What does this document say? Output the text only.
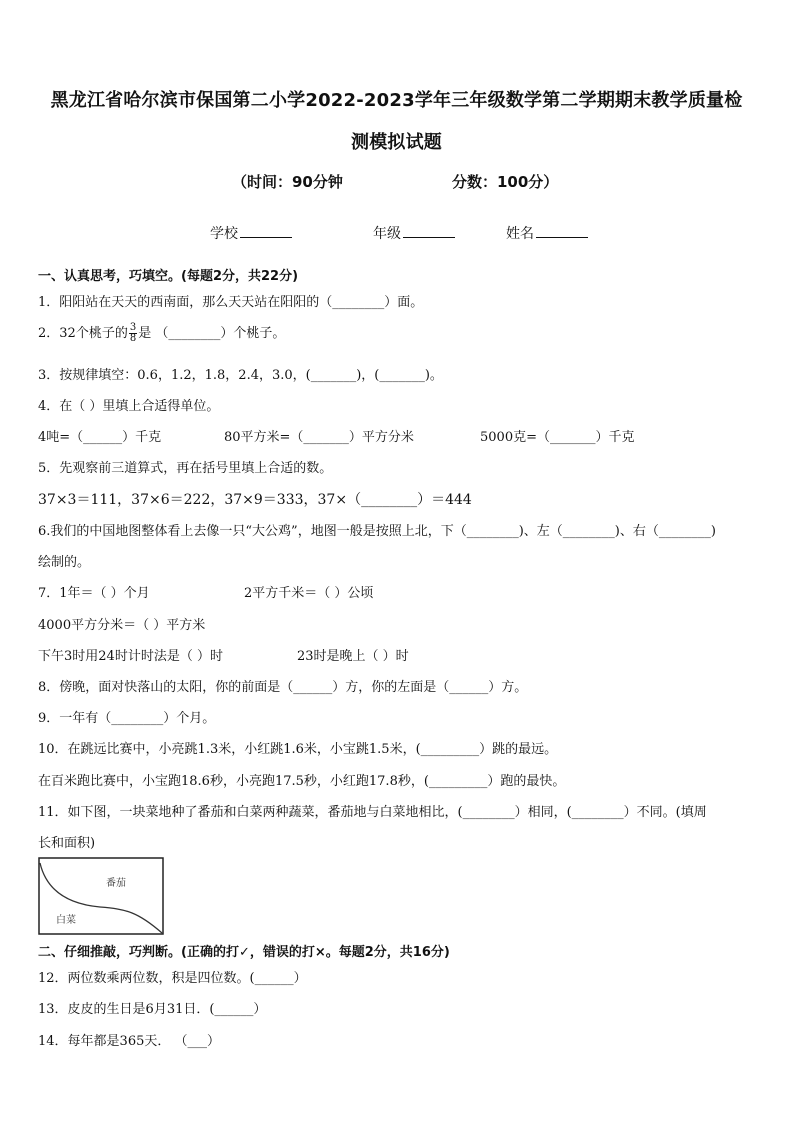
黑龙江省哈尔滨市保国第二小学2022-2023学年三年级数学第二学期期末教学质量检
测模拟试题
（时间：90分钟	分数：100分）
学校	年级	姓名
一、认真思考，巧填空。(每题2分，共22分)
1．阳阳站在天天的西南面，那么天天站在阳阳的（________）面。
2．32个桃子的 $\frac{3}{8}$ 是 （________）个桃子。
3．按规律填空：0.6，1.2，1.8，2.4，3.0，(_______)，(_______)。
4．在（ ）里填上合适得单位。
4吨=（______）千克	80平方米=（_______）平方分米	5000克=（_______）千克
5．先观察前三道算式，再在括号里填上合适的数。
37×3＝111，37×6＝222，37×9＝333，37×（________）＝444
6.我们的中国地图整体看上去像一只“大公鸡”，地图一般是按照上北，下（________)、左（________)、右（________)
绘制的。
7．1年＝（ ）个月	2平方千米＝（ ）公顷
4000平方分米＝（ ）平方米
下午3时用24时计时法是（ ）时	23时是晚上（ ）时
8．傍晚，面对快落山的太阳，你的前面是（______）方，你的左面是（______）方。
9．一年有（________）个月。
10．在跳远比赛中，小亮跳1.3米，小红跳1.6米，小宝跳1.5米，(_________）跳的最远。
在百米跑比赛中，小宝跑18.6秒，小亮跑17.5秒，小红跑17.8秒，(_________）跑的最快。
11．如下图，一块菜地种了番茄和白菜两种蔬菜，番茄地与白菜地相比，(________）相同，(________）不同。(填周
长和面积)
番茄
白菜
二、仔细推敲，巧判断。(正确的打✓，错误的打×。每题2分，共16分)
12．两位数乘两位数，积是四位数。(______）
13．皮皮的生日是6月31日．(______）
14．每年都是365天． （___）
